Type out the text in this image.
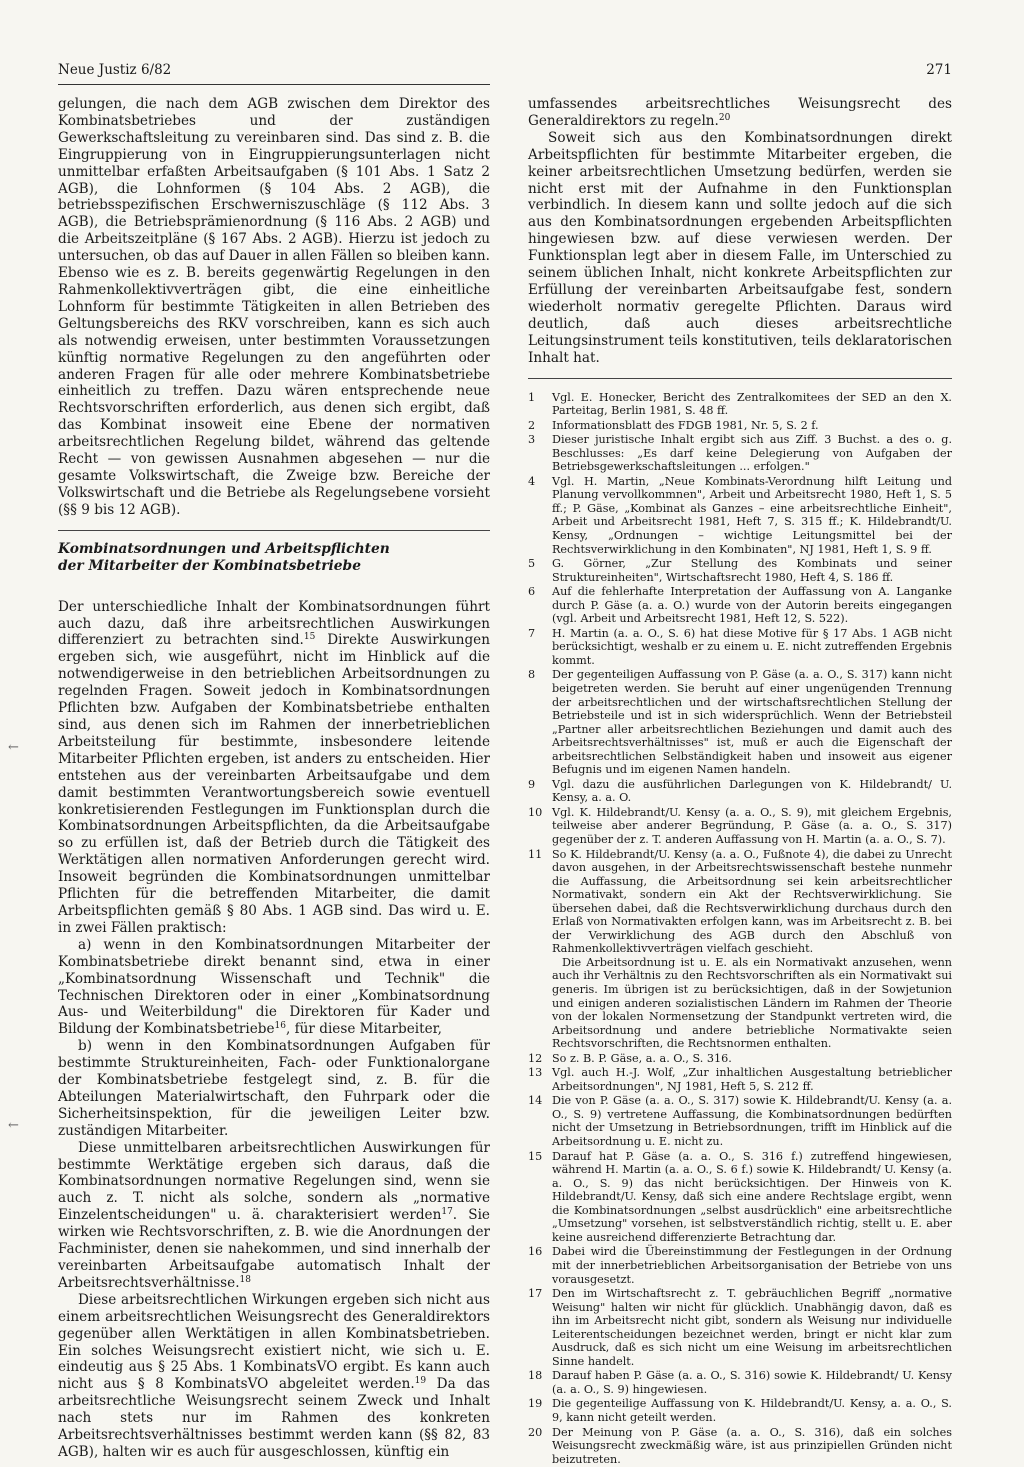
Neue Justiz 6/82	271
←
←

gelungen, die nach dem AGB zwischen dem Direktor des Kombinatsbetriebes und der zuständigen Gewerkschaftsleitung zu vereinbaren sind. Das sind z. B. die Eingruppierung von in Eingruppierungsunterlagen nicht unmittelbar erfaßten Arbeitsaufgaben (§ 101 Abs. 1 Satz 2 AGB), die Lohnformen (§ 104 Abs. 2 AGB), die betriebsspezifischen Erschwerniszuschläge (§ 112 Abs. 3 AGB), die Betriebsprämienordnung (§ 116 Abs. 2 AGB) und die Arbeitszeitpläne (§ 167 Abs. 2 AGB). Hierzu ist jedoch zu untersuchen, ob das auf Dauer in allen Fällen so bleiben kann. Ebenso wie es z. B. bereits gegenwärtig Regelungen in den Rahmenkollektivverträgen gibt, die eine einheitliche Lohnform für bestimmte Tätigkeiten in allen Betrieben des Geltungsbereichs des RKV vorschreiben, kann es sich auch als notwendig erweisen, unter bestimmten Voraussetzungen künftig normative Regelungen zu den angeführten oder anderen Fragen für alle oder mehrere Kombinatsbetriebe einheitlich zu treffen. Dazu wären entsprechende neue Rechtsvorschriften erforderlich, aus denen sich ergibt, daß das Kombinat insoweit eine Ebene der normativen arbeitsrechtlichen Regelung bildet, während das geltende Recht — von gewissen Ausnahmen abgesehen — nur die gesamte Volkswirtschaft, die Zweige bzw. Bereiche der Volkswirtschaft und die Betriebe als Regelungsebene vorsieht (§§ 9 bis 12 AGB).

Kombinatsordnungen und Arbeitspflichten
der Mitarbeiter der Kombinatsbetriebe

Der unterschiedliche Inhalt der Kombinatsordnungen führt auch dazu, daß ihre arbeitsrechtlichen Auswirkungen differenziert zu betrachten sind.$^{15}$ Direkte Auswirkungen ergeben sich, wie ausgeführt, nicht im Hinblick auf die notwendigerweise in den betrieblichen Arbeitsordnungen zu regelnden Fragen. Soweit jedoch in Kombinatsordnungen Pflichten bzw. Aufgaben der Kombinatsbetriebe enthalten sind, aus denen sich im Rahmen der innerbetrieblichen Arbeitsteilung für bestimmte, insbesondere leitende Mitarbeiter Pflichten ergeben, ist anders zu entscheiden. Hier entstehen aus der vereinbarten Arbeitsaufgabe und dem damit bestimmten Verantwortungsbereich sowie eventuell konkretisierenden Festlegungen im Funktionsplan durch die Kombinatsordnungen Arbeitspflichten, da die Arbeitsaufgabe so zu erfüllen ist, daß der Betrieb durch die Tätigkeit des Werktätigen allen normativen Anforderungen gerecht wird. Insoweit begründen die Kombinatsordnungen unmittelbar Pflichten für die betreffenden Mitarbeiter, die damit Arbeitspflichten gemäß § 80 Abs. 1 AGB sind. Das wird u. E. in zwei Fällen praktisch:

a) wenn in den Kombinatsordnungen Mitarbeiter der Kombinatsbetriebe direkt benannt sind, etwa in einer „Kombinatsordnung Wissenschaft und Technik" die Technischen Direktoren oder in einer „Kombinatsordnung Aus- und Weiterbildung" die Direktoren für Kader und Bildung der Kombinatsbetriebe$^{16}$, für diese Mitarbeiter,

b) wenn in den Kombinatsordnungen Aufgaben für bestimmte Struktureinheiten, Fach- oder Funktionalorgane der Kombinatsbetriebe festgelegt sind, z. B. für die Abteilungen Materialwirtschaft, den Fuhrpark oder die Sicherheitsinspektion, für die jeweiligen Leiter bzw. zuständigen Mitarbeiter.

Diese unmittelbaren arbeitsrechtlichen Auswirkungen für bestimmte Werktätige ergeben sich daraus, daß die Kombinatsordnungen normative Regelungen sind, wenn sie auch z. T. nicht als solche, sondern als „normative Einzelentscheidungen" u. ä. charakterisiert werden$^{17}$. Sie wirken wie Rechtsvorschriften, z. B. wie die Anordnungen der Fachminister, denen sie nahekommen, und sind innerhalb der vereinbarten Arbeitsaufgabe automatisch Inhalt der Arbeitsrechtsverhältnisse.$^{18}$

Diese arbeitsrechtlichen Wirkungen ergeben sich nicht aus einem arbeitsrechtlichen Weisungsrecht des Generaldirektors gegenüber allen Werktätigen in allen Kombinatsbetrieben. Ein solches Weisungsrecht existiert nicht, wie sich u. E. eindeutig aus § 25 Abs. 1 KombinatsVO ergibt. Es kann auch nicht aus § 8 KombinatsVO abgeleitet werden.$^{19}$ Da das arbeitsrechtliche Weisungsrecht seinem Zweck und Inhalt nach stets nur im Rahmen des konkreten Arbeitsrechtsverhältnisses bestimmt werden kann (§§ 82, 83 AGB), halten wir es auch für ausgeschlossen, künftig ein

umfassendes arbeitsrechtliches Weisungsrecht des Generaldirektors zu regeln.$^{20}$

Soweit sich aus den Kombinatsordnungen direkt Arbeitspflichten für bestimmte Mitarbeiter ergeben, die keiner arbeitsrechtlichen Umsetzung bedürfen, werden sie nicht erst mit der Aufnahme in den Funktionsplan verbindlich. In diesem kann und sollte jedoch auf die sich aus den Kombinatsordnungen ergebenden Arbeitspflichten hingewiesen bzw. auf diese verwiesen werden. Der Funktionsplan legt aber in diesem Falle, im Unterschied zu seinem üblichen Inhalt, nicht konkrete Arbeitspflichten zur Erfüllung der vereinbarten Arbeitsaufgabe fest, sondern wiederholt normativ geregelte Pflichten. Daraus wird deutlich, daß auch dieses arbeitsrechtliche Leitungsinstrument teils konstitutiven, teils deklaratorischen Inhalt hat.

1	Vgl. E. Honecker, Bericht des Zentralkomitees der SED an den X. Parteitag, Berlin 1981, S. 48 ff.

2	Informationsblatt des FDGB 1981, Nr. 5, S. 2 f.

3	Dieser juristische Inhalt ergibt sich aus Ziff. 3 Buchst. a des o. g. Beschlusses: „Es darf keine Delegierung von Aufgaben der Betriebsgewerkschaftsleitungen ... erfolgen."

4	Vgl. H. Martin, „Neue Kombinats-Verordnung hilft Leitung und Planung vervollkommnen", Arbeit und Arbeitsrecht 1980, Heft 1, S. 5 ff.; P. Gäse, „Kombinat als Ganzes – eine arbeitsrechtliche Einheit", Arbeit und Arbeitsrecht 1981, Heft 7, S. 315 ff.; K. Hildebrandt/U. Kensy, „Ordnungen – wichtige Leitungsmittel bei der Rechtsverwirklichung in den Kombinaten", NJ 1981, Heft 1, S. 9 ff.

5	G. Görner, „Zur Stellung des Kombinats und seiner Struktureinheiten", Wirtschaftsrecht 1980, Heft 4, S. 186 ff.

6	Auf die fehlerhafte Interpretation der Auffassung von A. Langanke durch P. Gäse (a. a. O.) wurde von der Autorin bereits eingegangen (vgl. Arbeit und Arbeitsrecht 1981, Heft 12, S. 522).

7	H. Martin (a. a. O., S. 6) hat diese Motive für § 17 Abs. 1 AGB nicht berücksichtigt, weshalb er zu einem u. E. nicht zutreffenden Ergebnis kommt.

8	Der gegenteiligen Auffassung von P. Gäse (a. a. O., S. 317) kann nicht beigetreten werden. Sie beruht auf einer ungenügenden Trennung der arbeitsrechtlichen und der wirtschaftsrechtlichen Stellung der Betriebsteile und ist in sich widersprüchlich. Wenn der Betriebsteil „Partner aller arbeitsrechtlichen Beziehungen und damit auch des Arbeitsrechtsverhältnisses" ist, muß er auch die Eigenschaft der arbeitsrechtlichen Selbständigkeit haben und insoweit aus eigener Befugnis und im eigenen Namen handeln.

9	Vgl. dazu die ausführlichen Darlegungen von K. Hildebrandt/ U. Kensy, a. a. O.

10 Vgl. K. Hildebrandt/U. Kensy (a. a. O., S. 9), mit gleichem Ergebnis, teilweise aber anderer Begründung, P. Gäse (a. a. O., S. 317) gegenüber der z. T. anderen Auffassung von H. Martin (a. a. O., S. 7).

11 So K. Hildebrandt/U. Kensy (a. a. O., Fußnote 4), die dabei zu Unrecht davon ausgehen, in der Arbeitsrechtswissenschaft bestehe nunmehr die Auffassung, die Arbeitsordnung sei kein arbeitsrechtlicher Normativakt, sondern ein Akt der Rechtsverwirklichung. Sie übersehen dabei, daß die Rechtsverwirklichung durchaus durch den Erlaß von Normativakten erfolgen kann, was im Arbeitsrecht z. B. bei der Verwirklichung des AGB durch den Abschluß von Rahmenkollektivverträgen vielfach geschieht.

Die Arbeitsordnung ist u. E. als ein Normativakt anzusehen, wenn auch ihr Verhältnis zu den Rechtsvorschriften als ein Normativakt sui generis. Im übrigen ist zu berücksichtigen, daß in der Sowjetunion und einigen anderen sozialistischen Ländern im Rahmen der Theorie von der lokalen Normensetzung der Standpunkt vertreten wird, die Arbeitsordnung und andere betriebliche Normativakte seien Rechtsvorschriften, die Rechtsnormen enthalten.

12 So z. B. P. Gäse, a. a. O., S. 316.

13 Vgl. auch H.-J. Wolf, „Zur inhaltlichen Ausgestaltung betrieblicher Arbeitsordnungen", NJ 1981, Heft 5, S. 212 ff.

14 Die von P. Gäse (a. a. O., S. 317) sowie K. Hildebrandt/U. Kensy (a. a. O., S. 9) vertretene Auffassung, die Kombinatsordnungen bedürften nicht der Umsetzung in Betriebsordnungen, trifft im Hinblick auf die Arbeitsordnung u. E. nicht zu.

15 Darauf hat P. Gäse (a. a. O., S. 316 f.) zutreffend hingewiesen, während H. Martin (a. a. O., S. 6 f.) sowie K. Hildebrandt/ U. Kensy (a. a. O., S. 9) das nicht berücksichtigen. Der Hinweis von K. Hildebrandt/U. Kensy, daß sich eine andere Rechtslage ergibt, wenn die Kombinatsordnungen „selbst ausdrücklich" eine arbeitsrechtliche „Umsetzung" vorsehen, ist selbstverständlich richtig, stellt u. E. aber keine ausreichend differenzierte Betrachtung dar.

16 Dabei wird die Übereinstimmung der Festlegungen in der Ordnung mit der innerbetrieblichen Arbeitsorganisation der Betriebe von uns vorausgesetzt.

17 Den im Wirtschaftsrecht z. T. gebräuchlichen Begriff „normative Weisung" halten wir nicht für glücklich. Unabhängig davon, daß es ihn im Arbeitsrecht nicht gibt, sondern als Weisung nur individuelle Leiterentscheidungen bezeichnet werden, bringt er nicht klar zum Ausdruck, daß es sich nicht um eine Weisung im arbeitsrechtlichen Sinne handelt.

18 Darauf haben P. Gäse (a. a. O., S. 316) sowie K. Hildebrandt/ U. Kensy (a. a. O., S. 9) hingewiesen.

19 Die gegenteilige Auffassung von K. Hildebrandt/U. Kensy, a. a. O., S. 9, kann nicht geteilt werden.

20 Der Meinung von P. Gäse (a. a. O., S. 316), daß ein solches Weisungsrecht zweckmäßig wäre, ist aus prinzipiellen Gründen nicht beizutreten.
